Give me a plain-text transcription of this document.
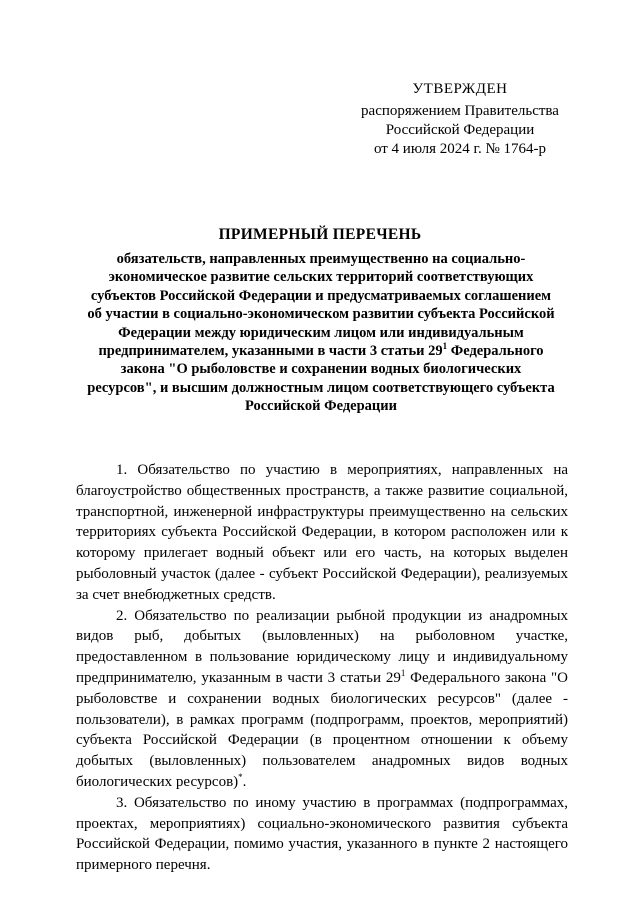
УТВЕРЖДЕН
распоряжением Правительства
Российской Федерации
от 4 июля 2024 г. № 1764-р
ПРИМЕРНЫЙ ПЕРЕЧЕНЬ
обязательств, направленных преимущественно на социально-экономическое развитие сельских территорий соответствующих субъектов Российской Федерации и предусматриваемых соглашением об участии в социально-экономическом развитии субъекта Российской Федерации между юридическим лицом или индивидуальным предпринимателем, указанными в части 3 статьи $29^1$ Федерального закона "О рыболовстве и сохранении водных биологических ресурсов", и высшим должностным лицом соответствующего субъекта Российской Федерации

1. Обязательство по участию в мероприятиях, направленных на благоустройство общественных пространств, а также развитие социальной, транспортной, инженерной инфраструктуры преимущественно на сельских территориях субъекта Российской Федерации, в котором расположен или к которому прилегает водный объект или его часть, на которых выделен рыболовный участок (далее - субъект Российской Федерации), реализуемых за счет внебюджетных средств.

2. Обязательство по реализации рыбной продукции из анадромных видов рыб, добытых (выловленных) на рыболовном участке, предоставленном в пользование юридическому лицу и индивидуальному предпринимателю, указанным в части 3 статьи $29^1$ Федерального закона "О рыболовстве и сохранении водных биологических ресурсов" (далее - пользователи), в рамках программ (подпрограмм, проектов, мероприятий) субъекта Российской Федерации (в процентном отношении к объему добытых (выловленных) пользователем анадромных видов водных биологических ресурсов)*.

3. Обязательство по иному участию в программах (подпрограммах, проектах, мероприятиях) социально-экономического развития субъекта Российской Федерации, помимо участия, указанного в пункте 2 настоящего примерного перечня.
